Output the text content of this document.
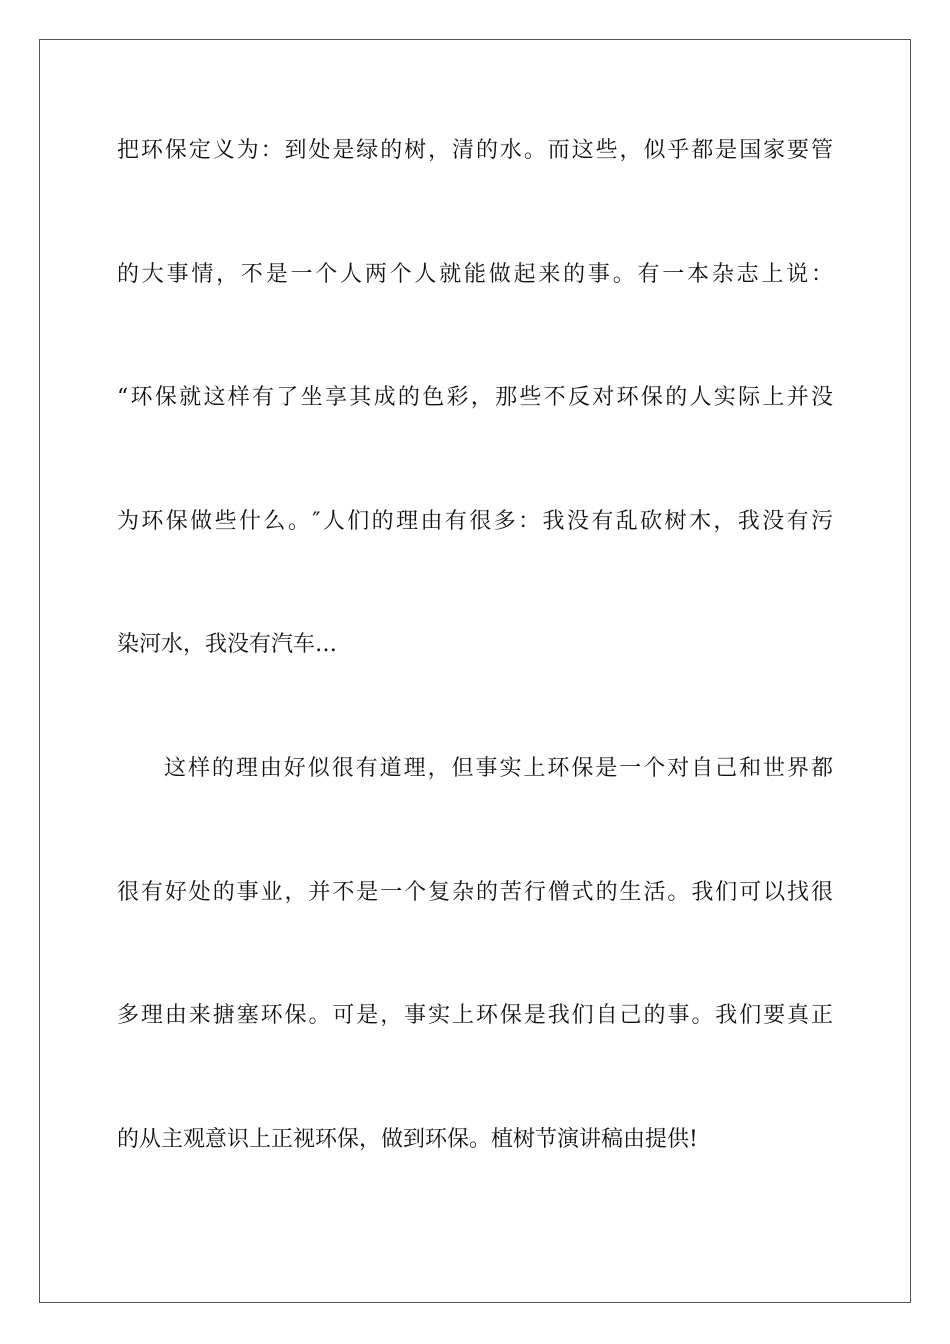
把环保定义为：到处是绿的树，清的水。而这些，似乎都是国家要管
的大事情，不是一个人两个人就能做起来的事。有一本杂志上说：
“环保就这样有了坐享其成的色彩，那些不反对环保的人实际上并没
为环保做些什么。″人们的理由有很多：我没有乱砍树木，我没有污
染河水，我没有汽车…
这样的理由好似很有道理，但事实上环保是一个对自己和世界都
很有好处的事业，并不是一个复杂的苦行僧式的生活。我们可以找很
多理由来搪塞环保。可是，事实上环保是我们自己的事。我们要真正
的从主观意识上正视环保，做到环保。植树节演讲稿由提供!
